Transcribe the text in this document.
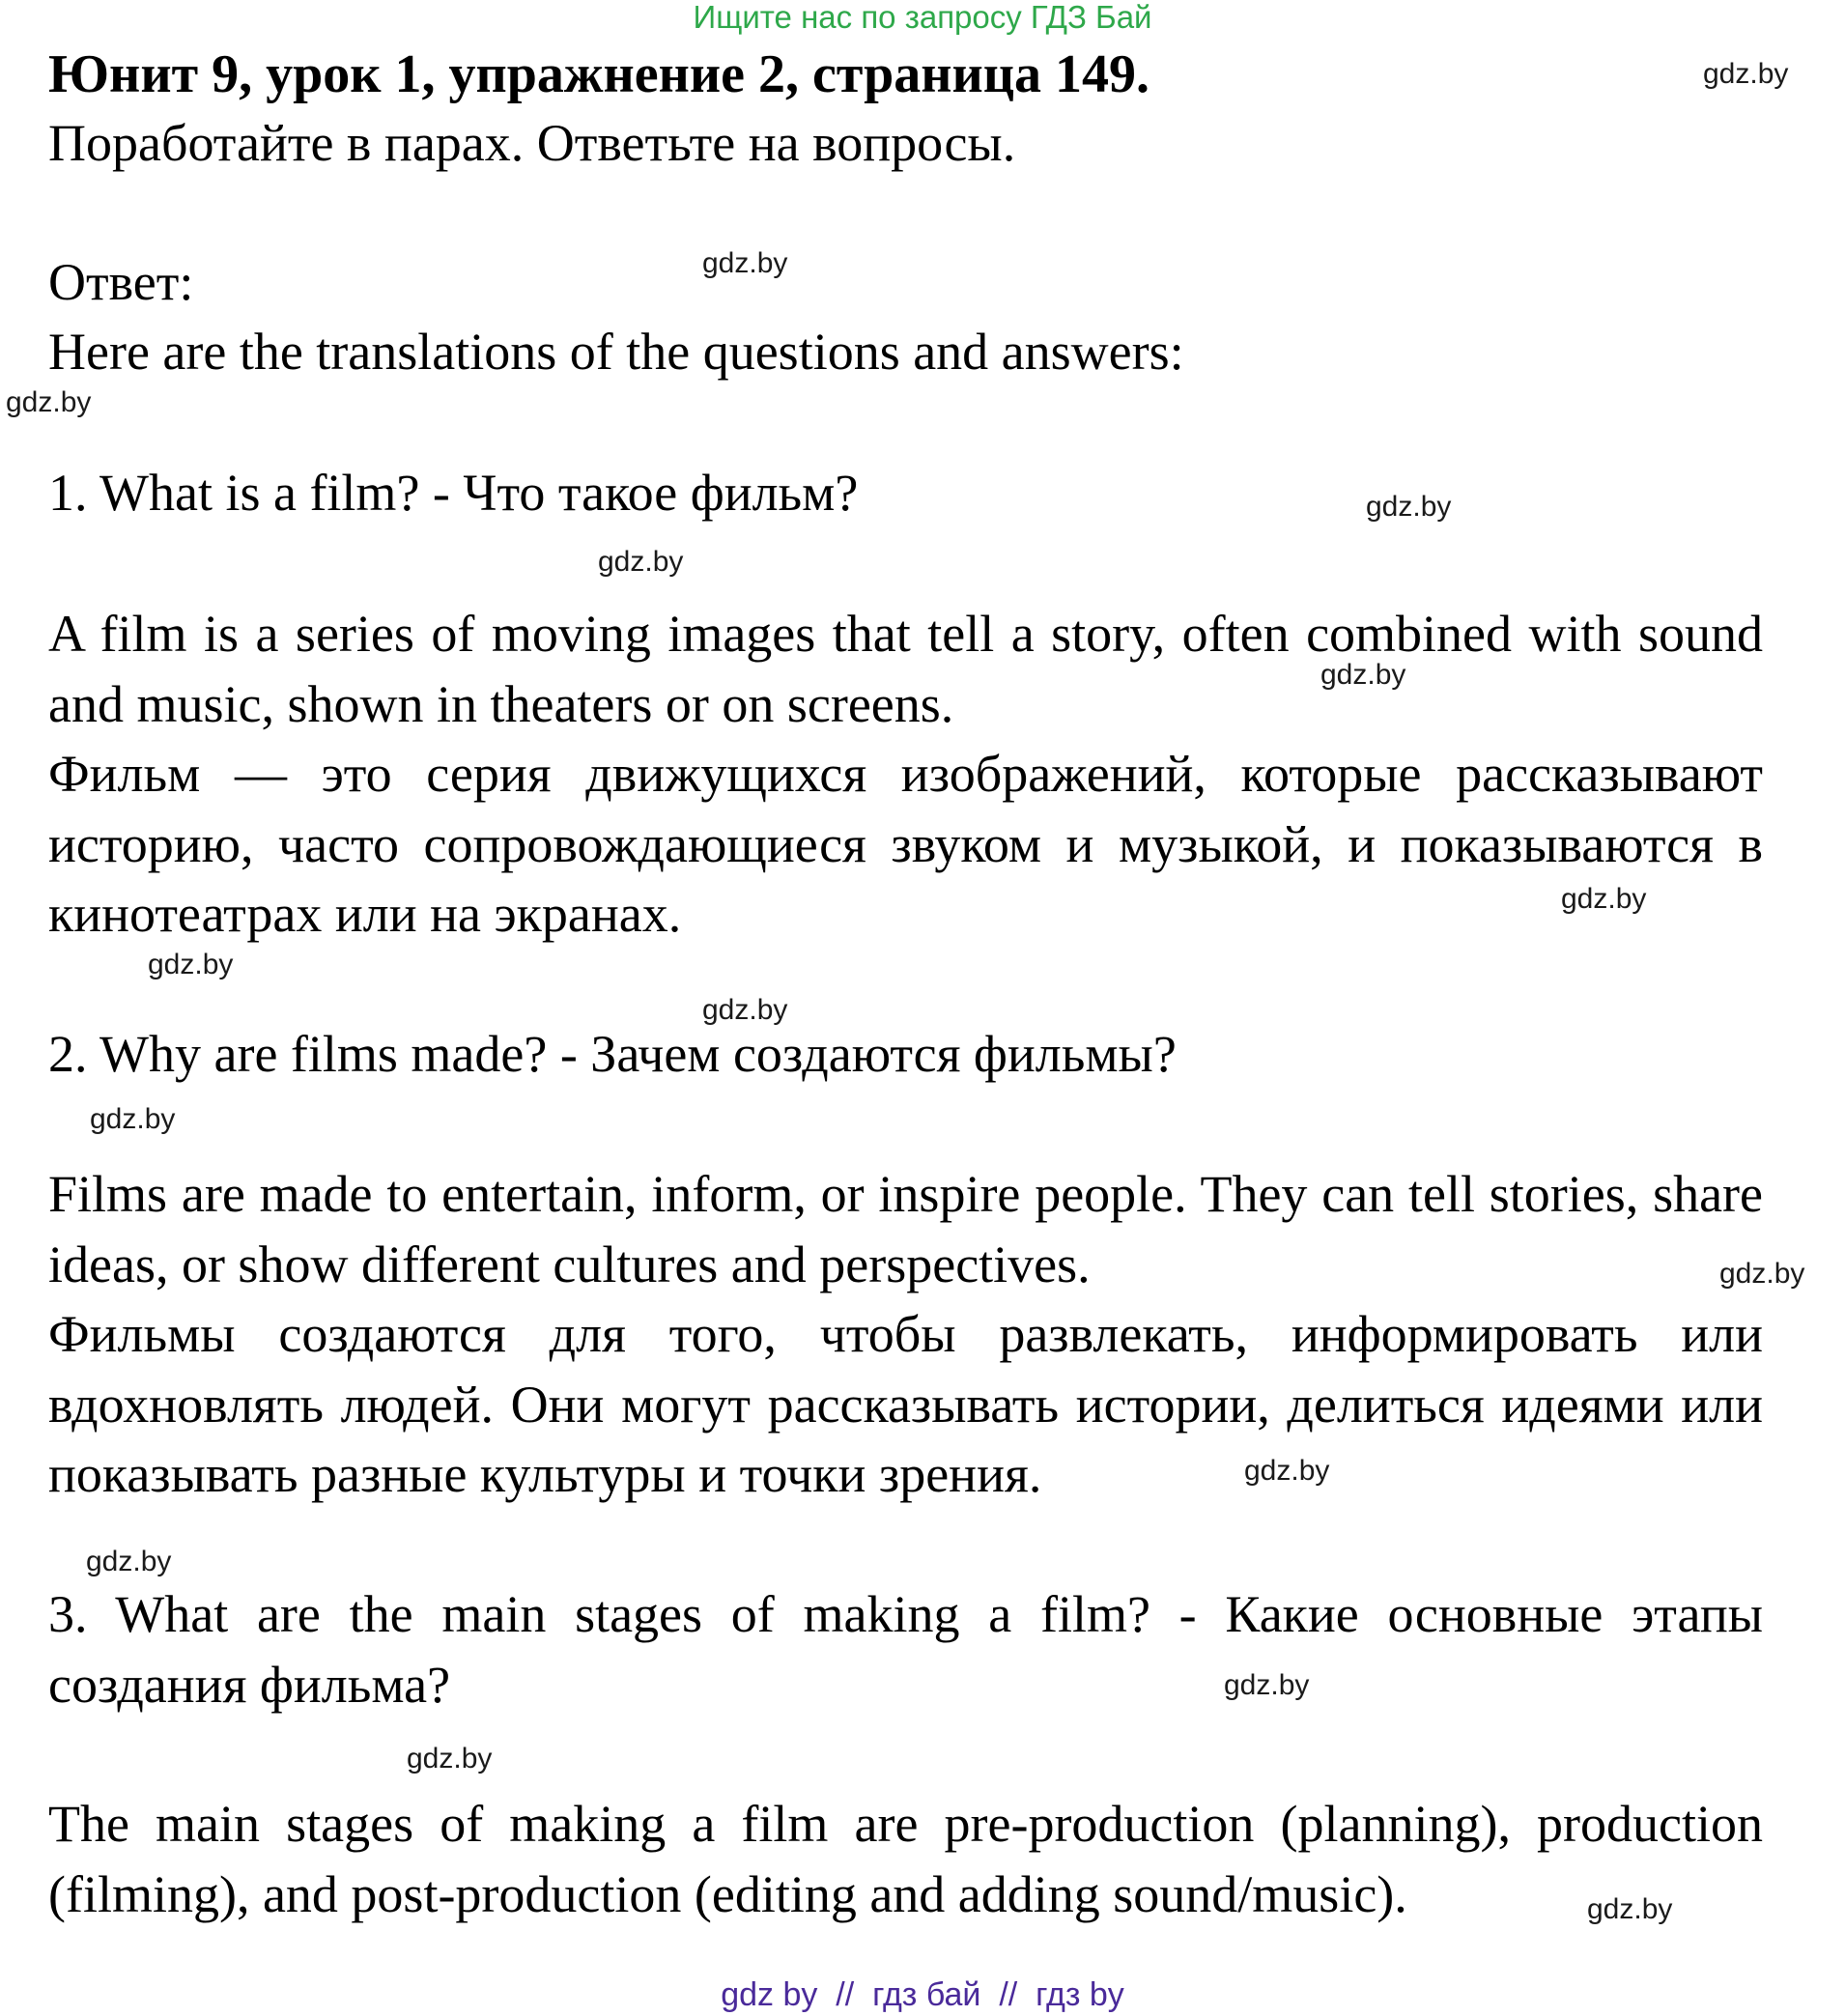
Ищите нас по запросу ГДЗ Бай
Юнит 9, урок 1, упражнение 2, страница 149.
Поработайте в парах. Ответьте на вопросы.
Ответ:
Here are the translations of the questions and answers:
1. What is a film? - Что такое фильм?
A film is a series of moving images that tell a story, often combined with sound and music, shown in theaters or on screens.
Фильм — это серия движущихся изображений, которые рассказывают историю, часто сопровождающиеся звуком и музыкой, и показываются в кинотеатрах или на экранах.
2. Why are films made? - Зачем создаются фильмы?
Films are made to entertain, inform, or inspire people. They can tell stories, share ideas, or show different cultures and perspectives.
Фильмы создаются для того, чтобы развлекать, информировать или вдохновлять людей. Они могут рассказывать истории, делиться идеями или показывать разные культуры и точки зрения.
3. What are the main stages of making a film? - Какие основные этапы создания фильма?
The main stages of making a film are pre-production (planning), production (filming), and post-production (editing and adding sound/music).
gdz.by
gdz.by
gdz.by
gdz.by
gdz.by
gdz.by
gdz.by
gdz.by
gdz.by
gdz.by
gdz.by
gdz.by
gdz.by
gdz.by
gdz.by
gdz.by
gdz by  //  гдз бай  //  гдз by
